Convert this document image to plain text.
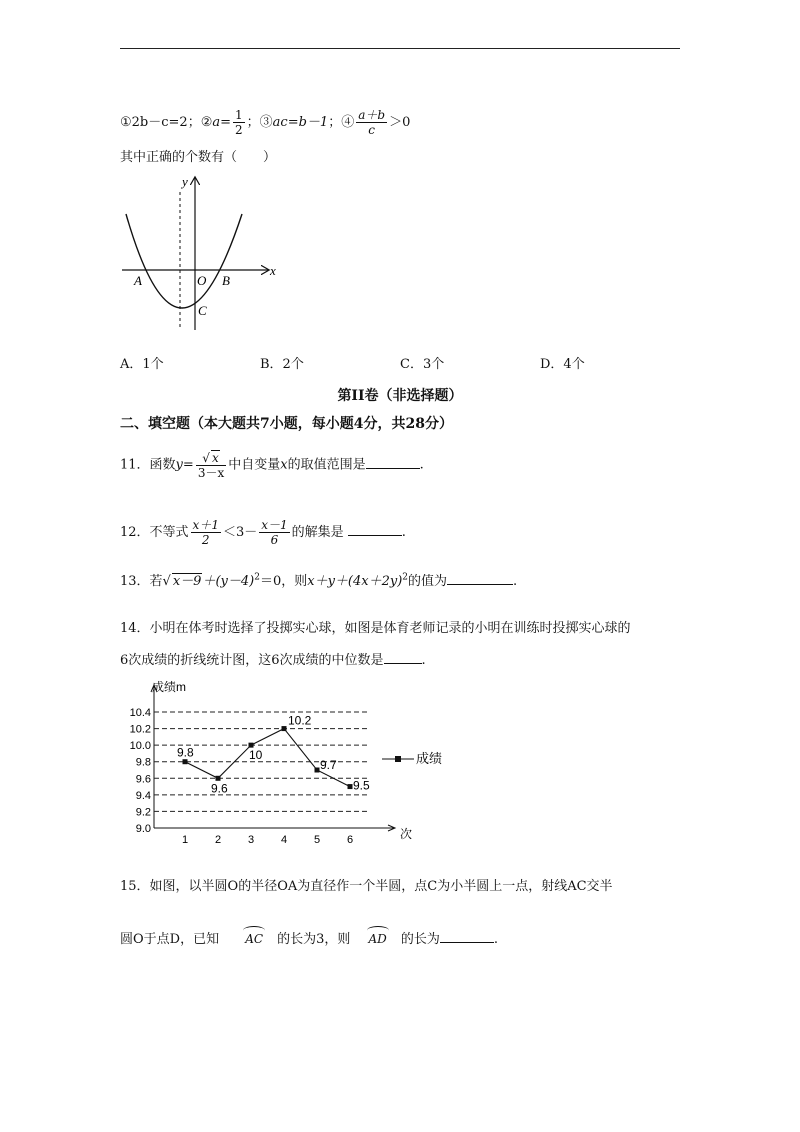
①2b－c=2；②a= $\frac{1}{2}$ ；③ac=b－1；④ $\frac{a+b}{c} >0$
其中正确的个数有（　　）
y
x
A	O B
C
A．1个	B．2个	C．3个	D．4个
第II卷（非选择题）
二、填空题（本大题共7小题，每小题4分，共28分）
11．函数$y= \frac{√ x}{3-x}$ 中自变量x的取值范围是	.
12．不等式 $\frac{x+1}{2} <3- \frac{x-1}{6}$ 的解集是	.
13．若√ $x-9+(y-4)^2=0$，则$x+y+(4x+2y)^2$的值为	.
14．小明在体考时选择了投掷实心球，如图是体育老师记录的小明在训练时投掷实心球的
6次成绩的折线统计图，这6次成绩的中位数是	.
成绩m
次
9.0
9.2
9.4
9.6
9.8
10.0
10.2
10.4
1 2 3 4 5 6
9.8
9.6
10
10.2
9.7
9.5
成绩
15．如图，以半圆O的半径OA为直径作一个半圆，点C为小半圆上一点，射线AC交半
圆O于点D，已知 AC 的长为3，则 AD 的长为	.
